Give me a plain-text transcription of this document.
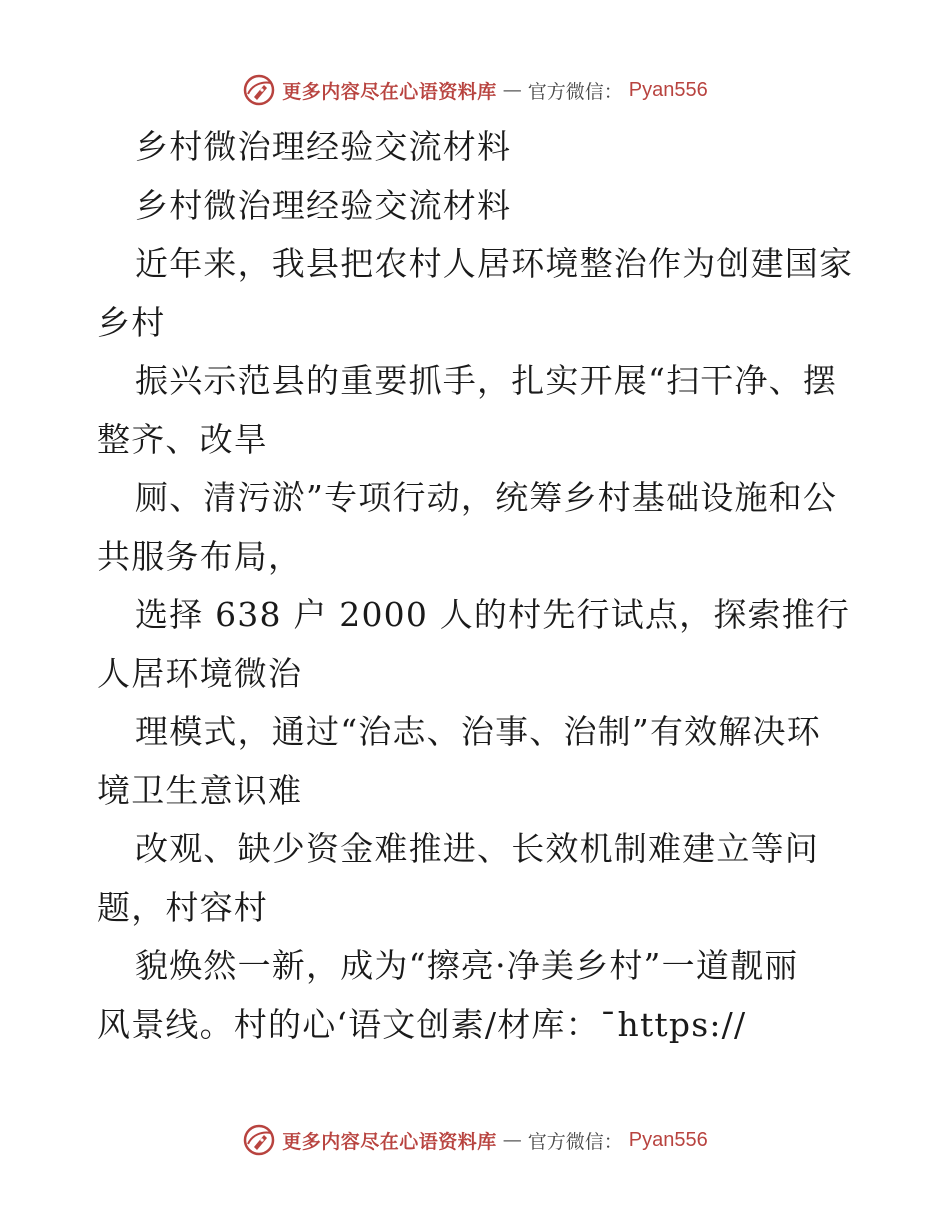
更多内容尽在心语资料库 — 官方微信： Pyan556

乡村微治理经验交流材料

乡村微治理经验交流材料

近年来，我县把农村人居环境整治作为创建国家

乡村

振兴示范县的重要抓手，扎实开展“扫干净、摆

整齐、改旱

厕、清污淤”专项行动，统筹乡村基础设施和公

共服务布局，

选择 638 户 2000 人的村先行试点，探索推行

人居环境微治

理模式，通过“治志、治事、治制”有效解决环

境卫生意识难

改观、缺少资金难推进、长效机制难建立等问

题，村容村

貌焕然一新，成为“擦亮·净美乡村”一道靓丽

风景线。村的心‘语文创素/材库：¯https://

更多内容尽在心语资料库 — 官方微信： Pyan556
